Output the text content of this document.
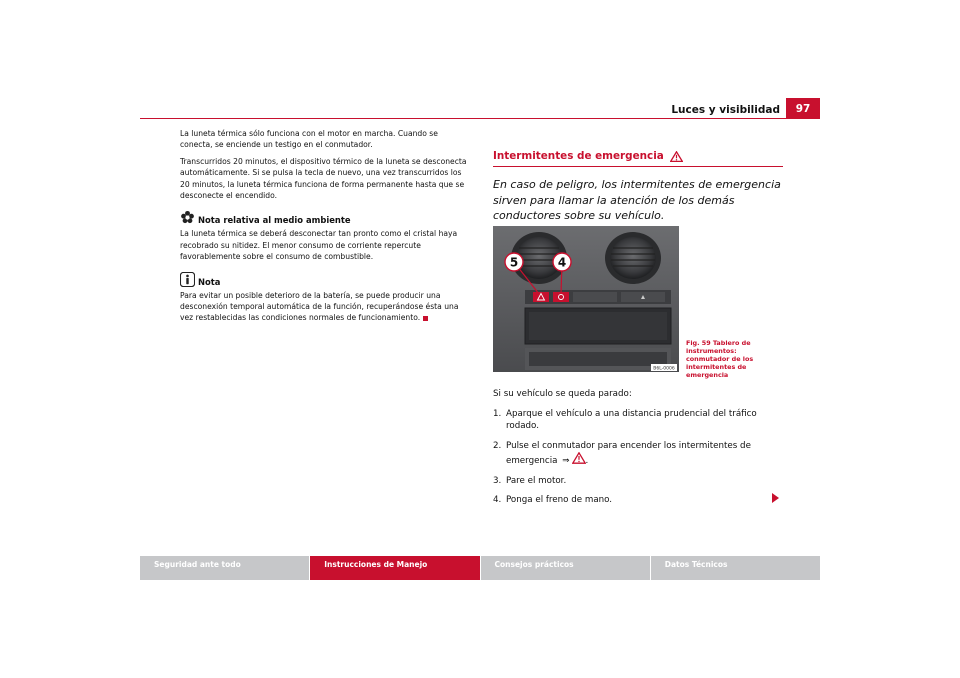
Luces y visibilidad	97

La luneta térmica sólo funciona con el motor en marcha. Cuando se conecta, se enciende un testigo en el conmutador.

Transcurridos 20 minutos, el dispositivo térmico de la luneta se desconecta automáticamente. Si se pulsa la tecla de nuevo, una vez transcurridos los 20 minutos, la luneta térmica funciona de forma permanente hasta que se desconecte el encendido.

Nota relativa al medio ambiente

La luneta térmica se deberá desconectar tan pronto como el cristal haya recobrado su nitidez. El menor consumo de corriente repercute favorablemente sobre el consumo de combustible.

Nota

Para evitar un posible deterioro de la batería, se puede producir una desconexión temporal automática de la función, recuperándose ésta una vez restablecidas las condiciones normales de funcionamiento.

Intermitentes de emergencia

En caso de peligro, los intermitentes de emergencia sirven para llamar la atención de los demás conductores sobre su vehículo.

5	4
B6L-0006
Fig. 59 Tablero de instrumentos: conmutador de los intermitentes de emergencia

Si su vehículo se queda parado:

1. Aparque el vehículo a una distancia prudencial del tráfico rodado.
2. Pulse el conmutador para encender los intermitentes de emergencia ⇒ .
3. Pare el motor.
4. Ponga el freno de mano.
Seguridad ante todo	Instrucciones de Manejo	Consejos prácticos	Datos Técnicos
